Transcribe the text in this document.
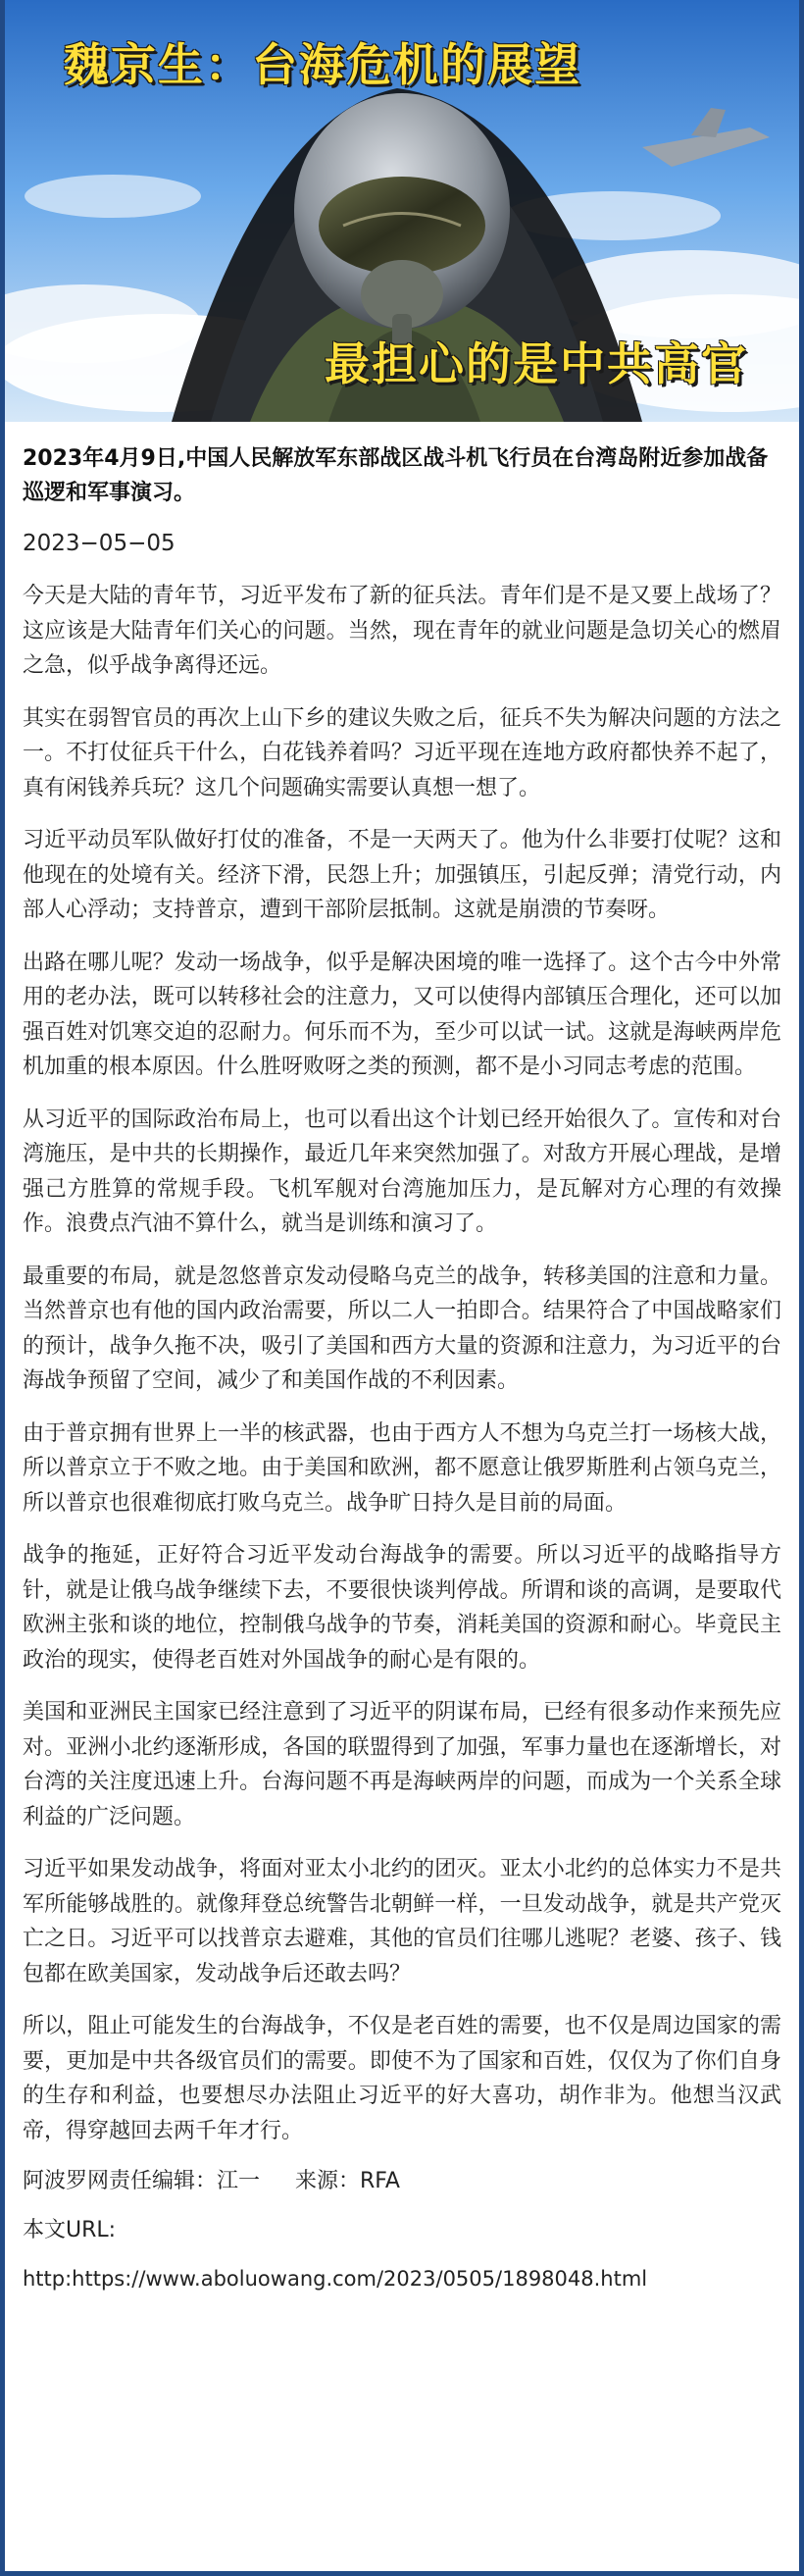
魏京生：台海危机的展望
最担心的是中共高官
2023年4月9日,中国人民解放军东部战区战斗机飞行员在台湾岛附近参加战备巡逻和军事演习。
2023−05−05

今天是大陆的青年节，习近平发布了新的征兵法。青年们是不是又要上战场了？这应该是大陆青年们关心的问题。当然，现在青年的就业问题是急切关心的燃眉之急，似乎战争离得还远。

其实在弱智官员的再次上山下乡的建议失败之后，征兵不失为解决问题的方法之一。不打仗征兵干什么，白花钱养着吗？习近平现在连地方政府都快养不起了，真有闲钱养兵玩？这几个问题确实需要认真想一想了。

习近平动员军队做好打仗的准备，不是一天两天了。他为什么非要打仗呢？这和他现在的处境有关。经济下滑，民怨上升；加强镇压，引起反弹；清党行动，内部人心浮动；支持普京，遭到干部阶层抵制。这就是崩溃的节奏呀。

出路在哪儿呢？发动一场战争，似乎是解决困境的唯一选择了。这个古今中外常用的老办法，既可以转移社会的注意力，又可以使得内部镇压合理化，还可以加强百姓对饥寒交迫的忍耐力。何乐而不为，至少可以试一试。这就是海峡两岸危机加重的根本原因。什么胜呀败呀之类的预测，都不是小习同志考虑的范围。

从习近平的国际政治布局上，也可以看出这个计划已经开始很久了。宣传和对台湾施压，是中共的长期操作，最近几年来突然加强了。对敌方开展心理战，是增强己方胜算的常规手段。飞机军舰对台湾施加压力，是瓦解对方心理的有效操作。浪费点汽油不算什么，就当是训练和演习了。

最重要的布局，就是忽悠普京发动侵略乌克兰的战争，转移美国的注意和力量。当然普京也有他的国内政治需要，所以二人一拍即合。结果符合了中国战略家们的预计，战争久拖不决，吸引了美国和西方大量的资源和注意力，为习近平的台海战争预留了空间，减少了和美国作战的不利因素。

由于普京拥有世界上一半的核武器，也由于西方人不想为乌克兰打一场核大战，所以普京立于不败之地。由于美国和欧洲，都不愿意让俄罗斯胜利占领乌克兰，所以普京也很难彻底打败乌克兰。战争旷日持久是目前的局面。

战争的拖延，正好符合习近平发动台海战争的需要。所以习近平的战略指导方针，就是让俄乌战争继续下去，不要很快谈判停战。所谓和谈的高调，是要取代欧洲主张和谈的地位，控制俄乌战争的节奏，消耗美国的资源和耐心。毕竟民主政治的现实，使得老百姓对外国战争的耐心是有限的。

美国和亚洲民主国家已经注意到了习近平的阴谋布局，已经有很多动作来预先应对。亚洲小北约逐渐形成，各国的联盟得到了加强，军事力量也在逐渐增长，对台湾的关注度迅速上升。台海问题不再是海峡两岸的问题，而成为一个关系全球利益的广泛问题。

习近平如果发动战争，将面对亚太小北约的团灭。亚太小北约的总体实力不是共军所能够战胜的。就像拜登总统警告北朝鲜一样，一旦发动战争，就是共产党灭亡之日。习近平可以找普京去避难，其他的官员们往哪儿逃呢？老婆、孩子、钱包都在欧美国家，发动战争后还敢去吗？

所以，阻止可能发生的台海战争，不仅是老百姓的需要，也不仅是周边国家的需要，更加是中共各级官员们的需要。即使不为了国家和百姓，仅仅为了你们自身的生存和利益，也要想尽办法阻止习近平的好大喜功，胡作非为。他想当汉武帝，得穿越回去两千年才行。

阿波罗网责任编辑：江一 来源：RFA
本文URL:
http:https://www.aboluowang.com/2023/0505/1898048.html
